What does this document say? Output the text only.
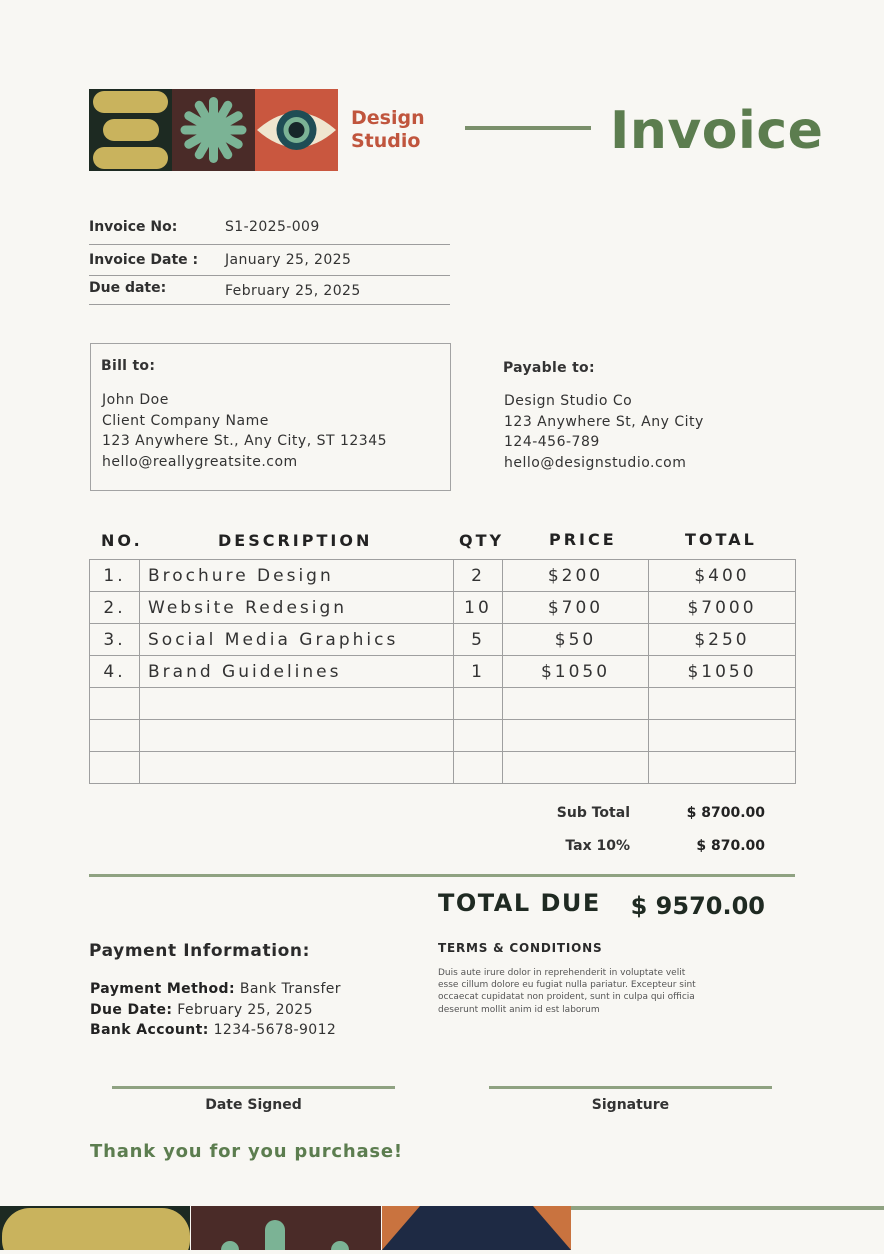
Design
Studio	Invoice
Invoice No:	S1-2025-009
Invoice Date : January 25, 2025
Due date:	February 25, 2025
Bill to:
John Doe
Client Company Name
123 Anywhere St., Any City, ST 12345
hello@reallygreatsite.com
Payable to:
Design Studio Co
123 Anywhere St, Any City
124-456-789
hello@designstudio.com
NO.	DESCRIPTION	QTY	PRICE	TOTAL
1.	Brochure Design	2	$200	$400
2.	Website Redesign	10	$700	$7000
3.	Social Media Graphics	5	$50	$250
4.	Brand Guidelines	1	$1050	$1050

Sub Total	$ 8700.00
Tax 10%	$ 870.00
TOTAL DUE	$ 9570.00
Payment Information:
Payment Method: Bank Transfer
Due Date: February 25, 2025
Bank Account: 1234-5678-9012
TERMS & CONDITIONS
Duis aute irure dolor in reprehenderit in voluptate velit esse cillum dolore eu fugiat nulla pariatur. Excepteur sint occaecat cupidatat non proident, sunt in culpa qui officia deserunt mollit anim id est laborum
Date Signed	Signature
Thank you for you purchase!
